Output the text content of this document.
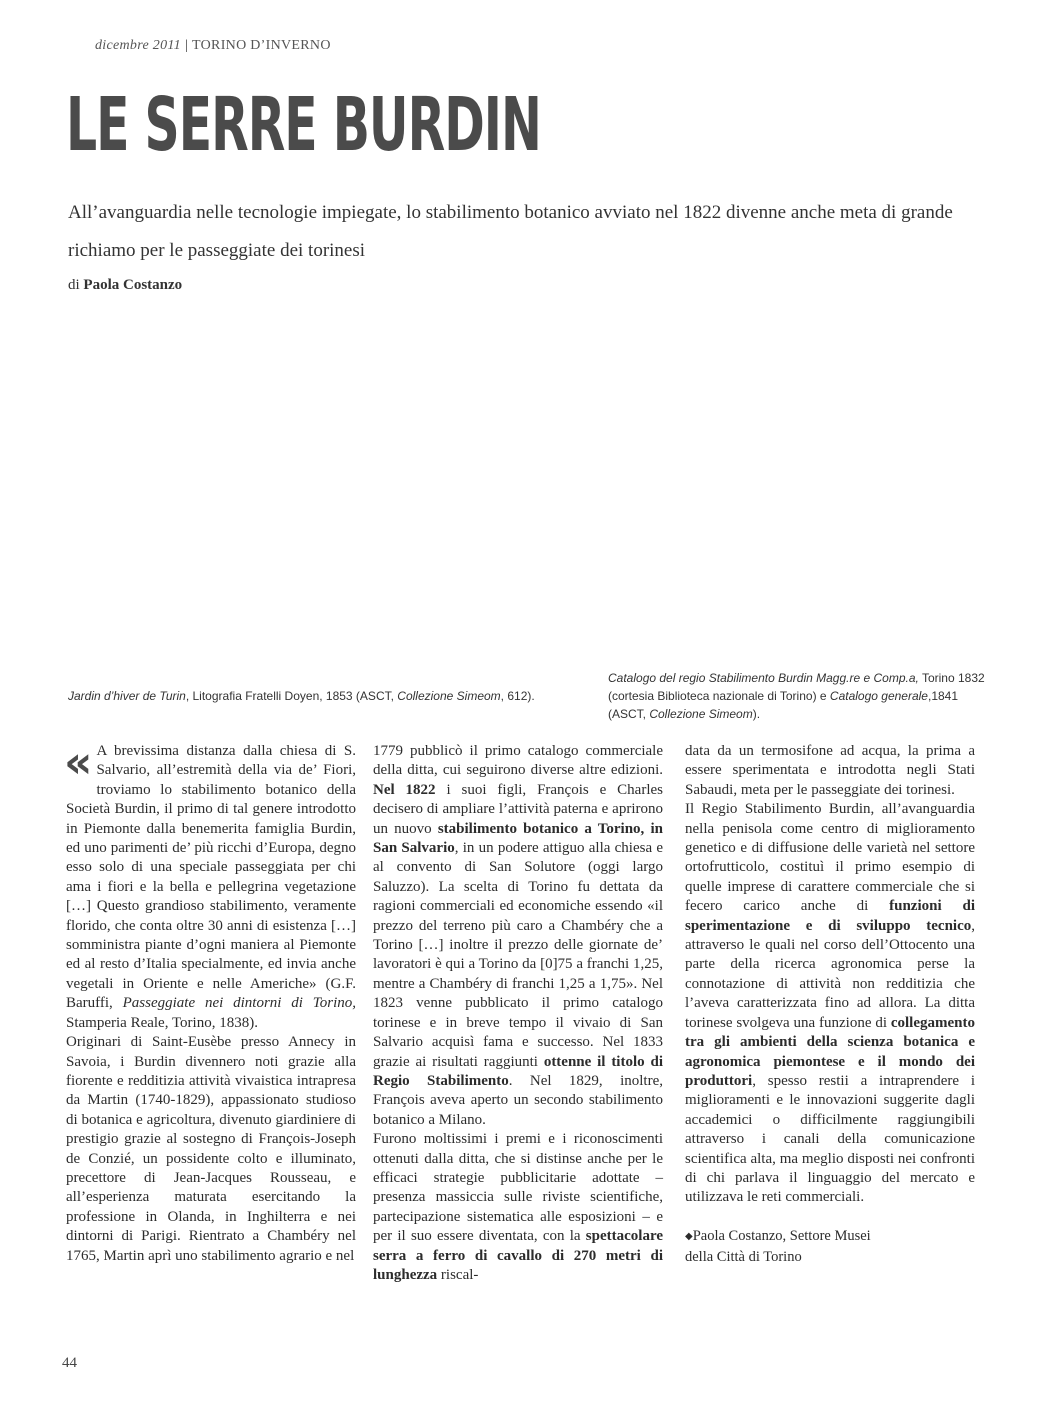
dicembre 2011 | TORINO D’INVERNO
LE SERRE BURDIN
All’avanguardia nelle tecnologie impiegate, lo stabilimento botanico avviato nel 1822 divenne anche meta di grande richiamo per le passeggiate dei torinesi
di Paola Costanzo
Jardin d’hiver de Turin, Litografia Fratelli Doyen, 1853 (ASCT, Collezione Simeom, 612).
Catalogo del regio Stabilimento Burdin Magg.re e Comp.a, Torino 1832 (cortesia Biblioteca nazionale di Torino) e Catalogo generale,1841 (ASCT, Collezione Simeom).

« A brevissima distanza dalla chiesa di S. Salvario, all’estremità della via de’ Fiori, troviamo lo stabilimento botanico della Società Burdin, il primo di tal genere introdotto in Piemonte dalla benemerita famiglia Burdin, ed uno parimenti de’ più ricchi d’Europa, degno esso solo di una speciale passeggiata per chi ama i fiori e la bella e pellegrina vegetazione […] Questo grandioso stabilimento, veramente florido, che conta oltre 30 anni di esistenza […] somministra piante d’ogni maniera al Piemonte ed al resto d’Italia specialmente, ed invia anche vegetali in Oriente e nelle Americhe» (G.F. Baruffi, Passeggiate nei dintorni di Torino, Stamperia Reale, Torino, 1838).

Originari di Saint-Eusèbe presso Annecy in Savoia, i Burdin divennero noti grazie alla fiorente e redditizia attività vivaistica intrapresa da Martin (1740-1829), appassionato studioso di botanica e agricoltura, divenuto giardiniere di prestigio grazie al sostegno di François-Joseph de Conzié, un possidente colto e illuminato, precettore di Jean-Jacques Rousseau, e all’esperienza maturata esercitando la professione in Olanda, in Inghilterra e nei dintorni di Parigi. Rientrato a Chambéry nel 1765, Martin aprì uno stabilimento agrario e nel

1779 pubblicò il primo catalogo commerciale della ditta, cui seguirono diverse altre edizioni. Nel 1822 i suoi figli, François e Charles decisero di ampliare l’attività paterna e aprirono un nuovo stabilimento botanico a Torino, in San Salvario, in un podere attiguo alla chiesa e al convento di San Solutore (oggi largo Saluzzo). La scelta di Torino fu dettata da ragioni commerciali ed economiche essendo «il prezzo del terreno più caro a Chambéry che a Torino […] inoltre il prezzo delle giornate de’ lavoratori è qui a Torino da [0]75 a franchi 1,25, mentre a Chambéry di franchi 1,25 a 1,75». Nel 1823 venne pubblicato il primo catalogo torinese e in breve tempo il vivaio di San Salvario acquisì fama e successo. Nel 1833 grazie ai risultati raggiunti ottenne il titolo di Regio Stabilimento. Nel 1829, inoltre, François aveva aperto un secondo stabilimento botanico a Milano.

Furono moltissimi i premi e i riconoscimenti ottenuti dalla ditta, che si distinse anche per le efficaci strategie pubblicitarie adottate – presenza massiccia sulle riviste scientifiche, partecipazione sistematica alle esposizioni – e per il suo essere diventata, con la spettacolare serra a ferro di cavallo di 270 metri di lunghezza riscal-

data da un termosifone ad acqua, la prima a essere sperimentata e introdotta negli Stati Sabaudi, meta per le passeggiate dei torinesi.

Il Regio Stabilimento Burdin, all’avanguardia nella penisola come centro di miglioramento genetico e di diffusione delle varietà nel settore ortofrutticolo, costituì il primo esempio di quelle imprese di carattere commerciale che si fecero carico anche di funzioni di sperimentazione e di sviluppo tecnico, attraverso le quali nel corso dell’Ottocento una parte della ricerca agronomica perse la connotazione di attività non redditizia che l’aveva caratterizzata fino ad allora. La ditta torinese svolgeva una funzione di collegamento tra gli ambienti della scienza botanica e agronomica piemontese e il mondo dei produttori, spesso restii a intraprendere i miglioramenti e le innovazioni suggerite dagli accademici o difficilmente raggiungibili attraverso i canali della comunicazione scientifica alta, ma meglio disposti nei confronti di chi parlava il linguaggio del mercato e utilizzava le reti commerciali.

◆Paola Costanzo, Settore Musei
della Città di Torino
44
